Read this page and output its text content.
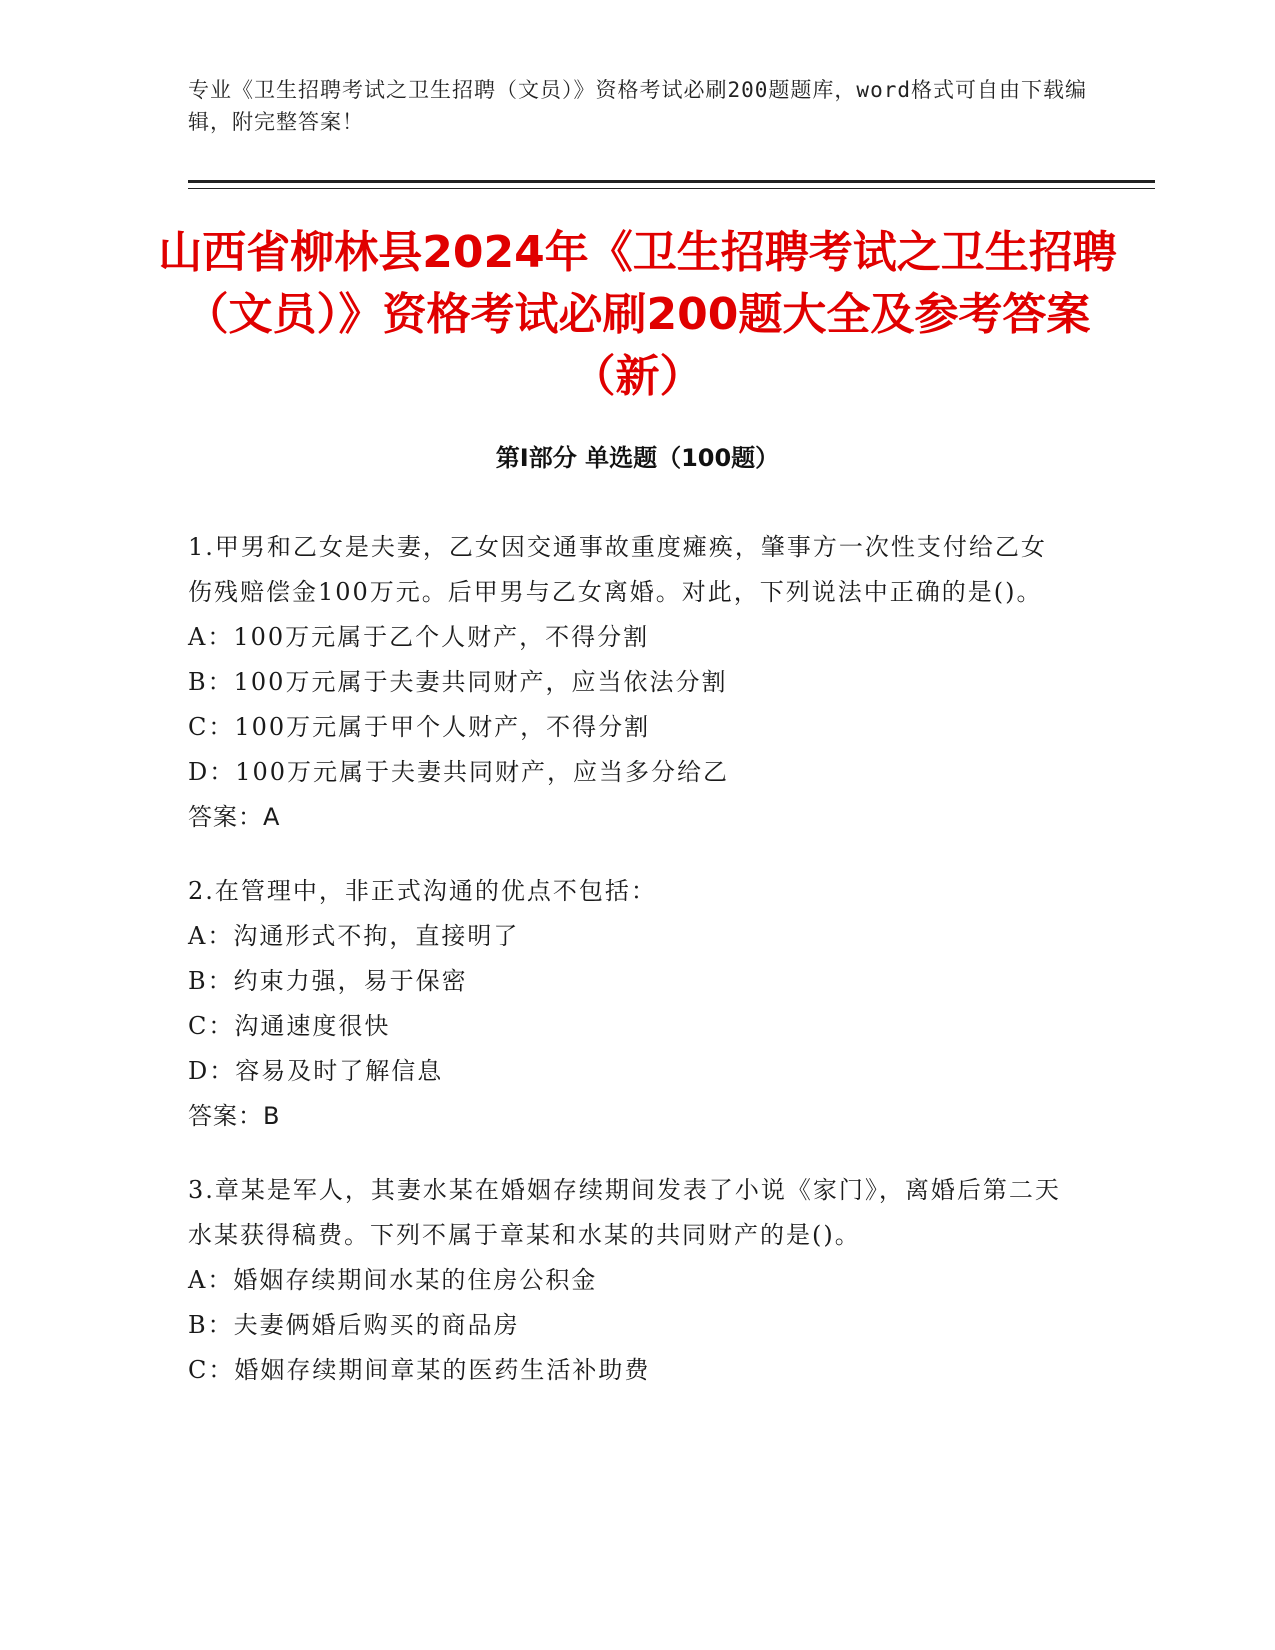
专业《卫生招聘考试之卫生招聘（文员）》资格考试必刷200题题库，word格式可自由下载编辑，附完整答案！
山西省柳林县2024年《卫生招聘考试之卫生招聘（文员）》资格考试必刷200题大全及参考答案（新）
第Ⅰ部分 单选题（100题）

1.甲男和乙女是夫妻，乙女因交通事故重度瘫痪，肇事方一次性支付给乙女伤残赔偿金100万元。后甲男与乙女离婚。对此，下列说法中正确的是()。

A：100万元属于乙个人财产，不得分割

B：100万元属于夫妻共同财产，应当依法分割

C：100万元属于甲个人财产，不得分割

D：100万元属于夫妻共同财产，应当多分给乙

答案：A

2.在管理中，非正式沟通的优点不包括：

A：沟通形式不拘，直接明了

B：约束力强，易于保密

C：沟通速度很快

D：容易及时了解信息

答案：B

3.章某是军人，其妻水某在婚姻存续期间发表了小说《家门》，离婚后第二天水某获得稿费。下列不属于章某和水某的共同财产的是()。

A：婚姻存续期间水某的住房公积金

B：夫妻俩婚后购买的商品房

C：婚姻存续期间章某的医药生活补助费
